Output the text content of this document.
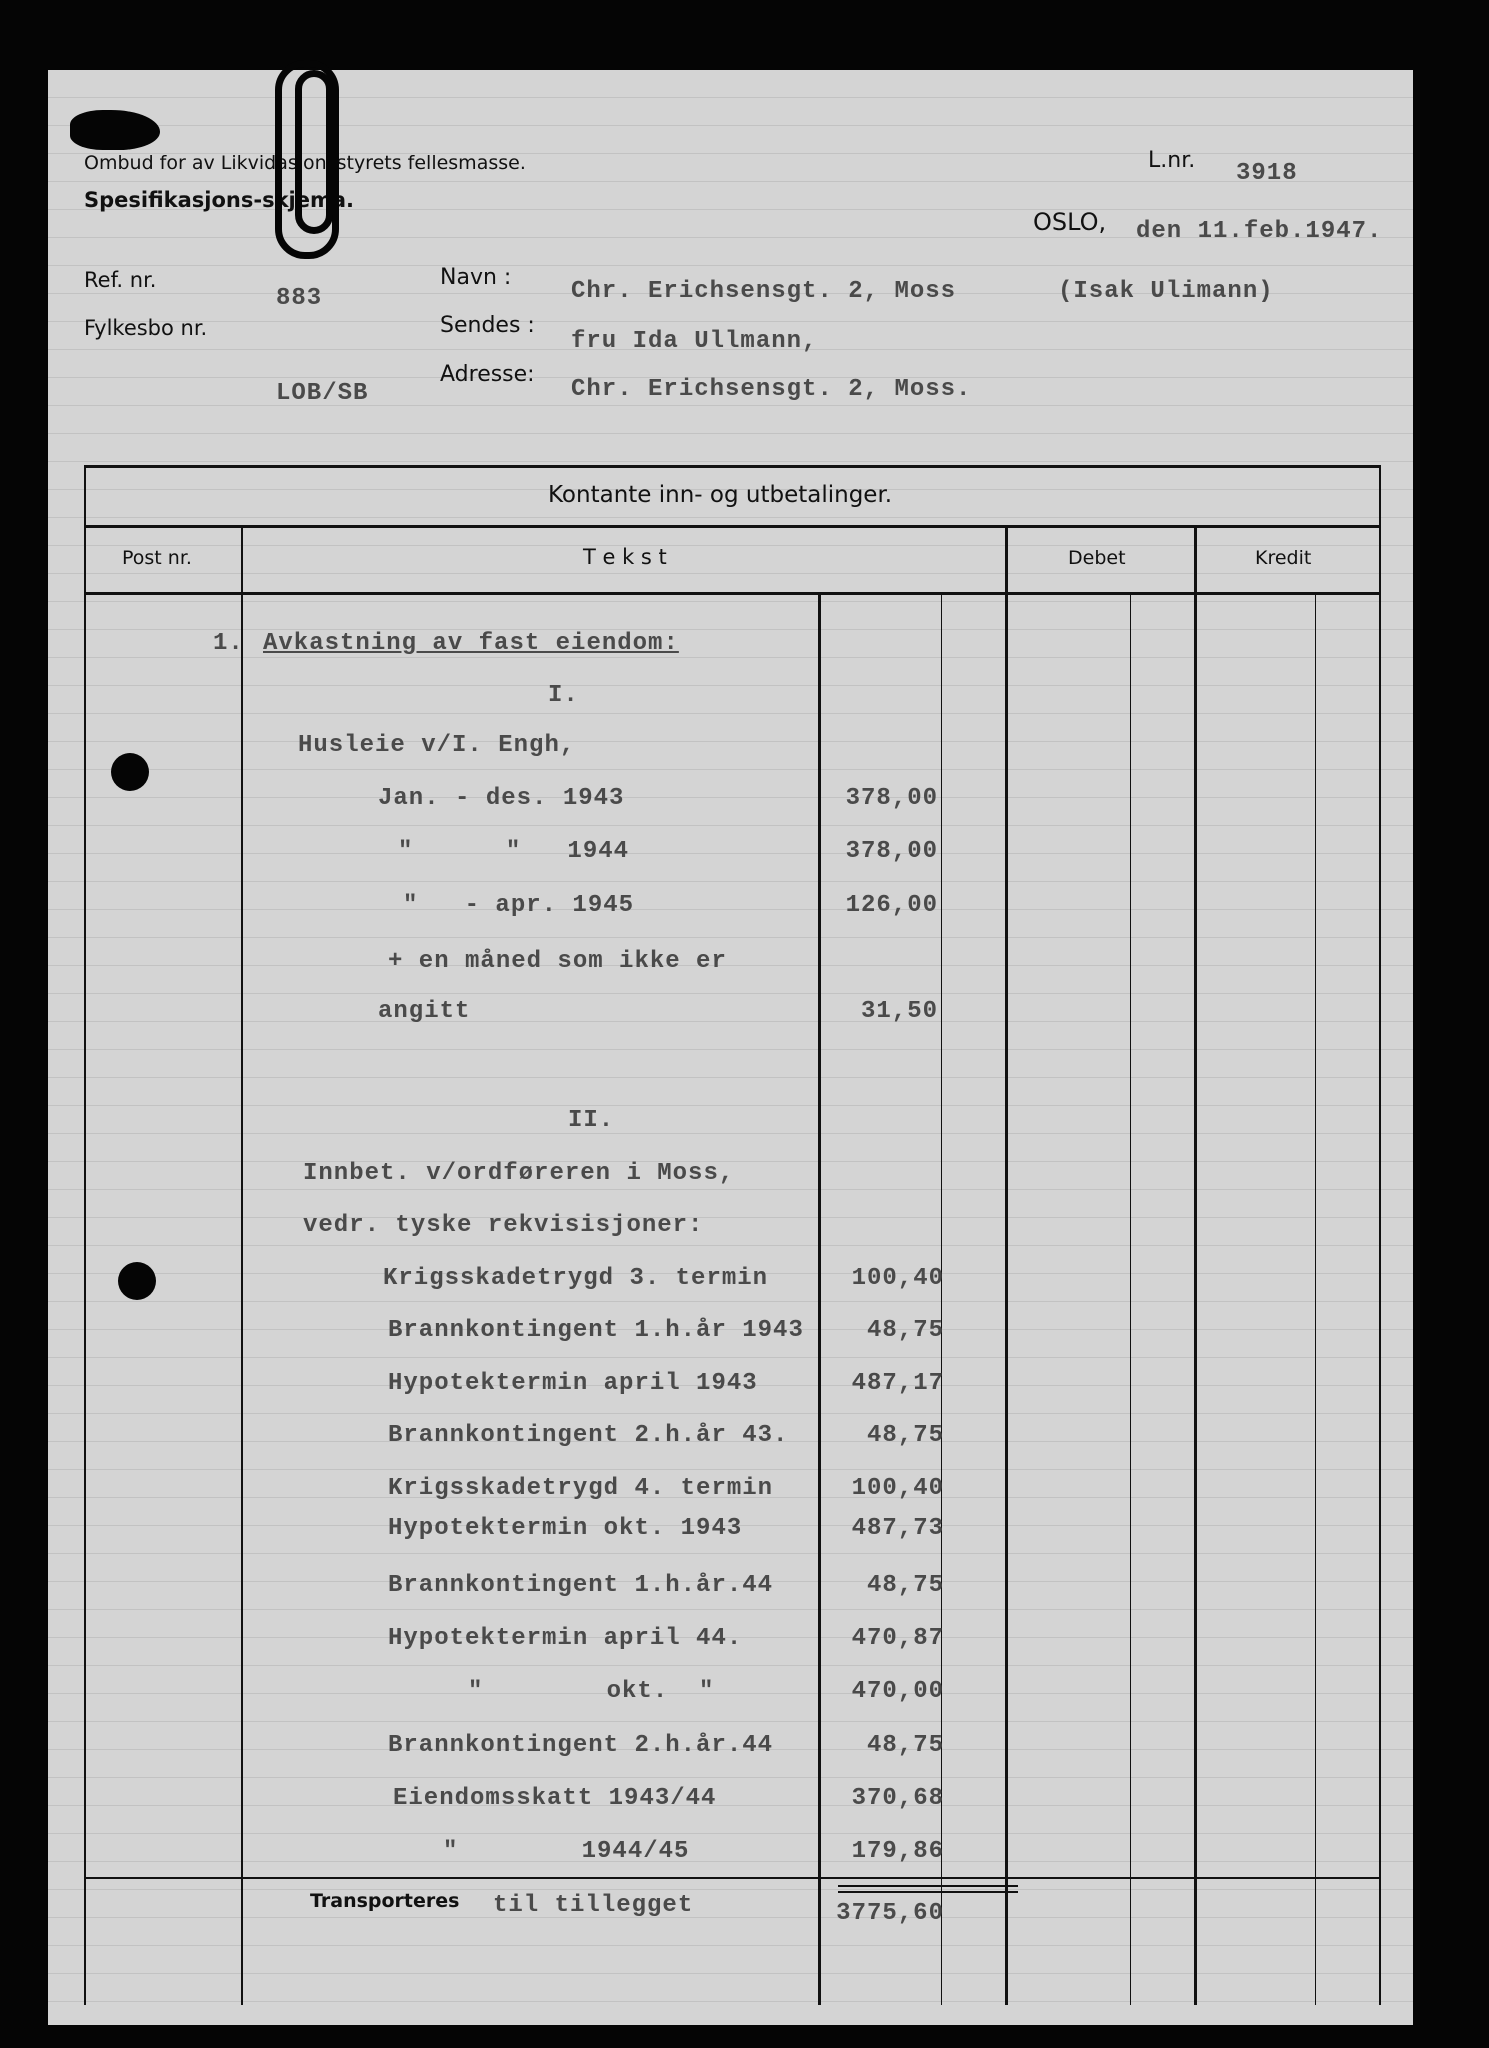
Ombud for av Likvidasjonsstyrets fellesmasse.
Spesifikasjons-skjema.
L.nr. 3918
OSLO, den 11.feb.1947.
Ref. nr.
883
Fylkesbo nr.
LOB/SB
Navn :
Chr. Erichsensgt. 2, Moss	(Isak Ulimann)
Sendes :
fru Ida Ullmann,
Adresse:
Chr. Erichsensgt. 2, Moss.
Kontante inn- og utbetalinger.
Post nr.	T e k s t	Debet	Kredit
1. Avkastning av fast eiendom:
I.
Husleie v/I. Engh,
Jan. - des. 1943	378,00
"      "   1944	378,00
"   - apr. 1945	126,00
+ en måned som ikke er
angitt	31,50
II.
Innbet. v/ordføreren i Moss,
vedr. tyske rekvisisjoner:
Krigsskadetrygd 3. termin	100,40
Brannkontingent 1.h.år 1943	48,75
Hypotektermin april 1943	487,17
Brannkontingent 2.h.år 43.	48,75
Krigsskadetrygd 4. termin	100,40
Hypotektermin okt. 1943	487,73
Brannkontingent 1.h.år.44	48,75
Hypotektermin april 44.	470,87
"        okt.  "	470,00
Brannkontingent 2.h.år.44	48,75
Eiendomsskatt 1943/44	370,68
"        1944/45	179,86
Transporteres til tillegget	3775,60
